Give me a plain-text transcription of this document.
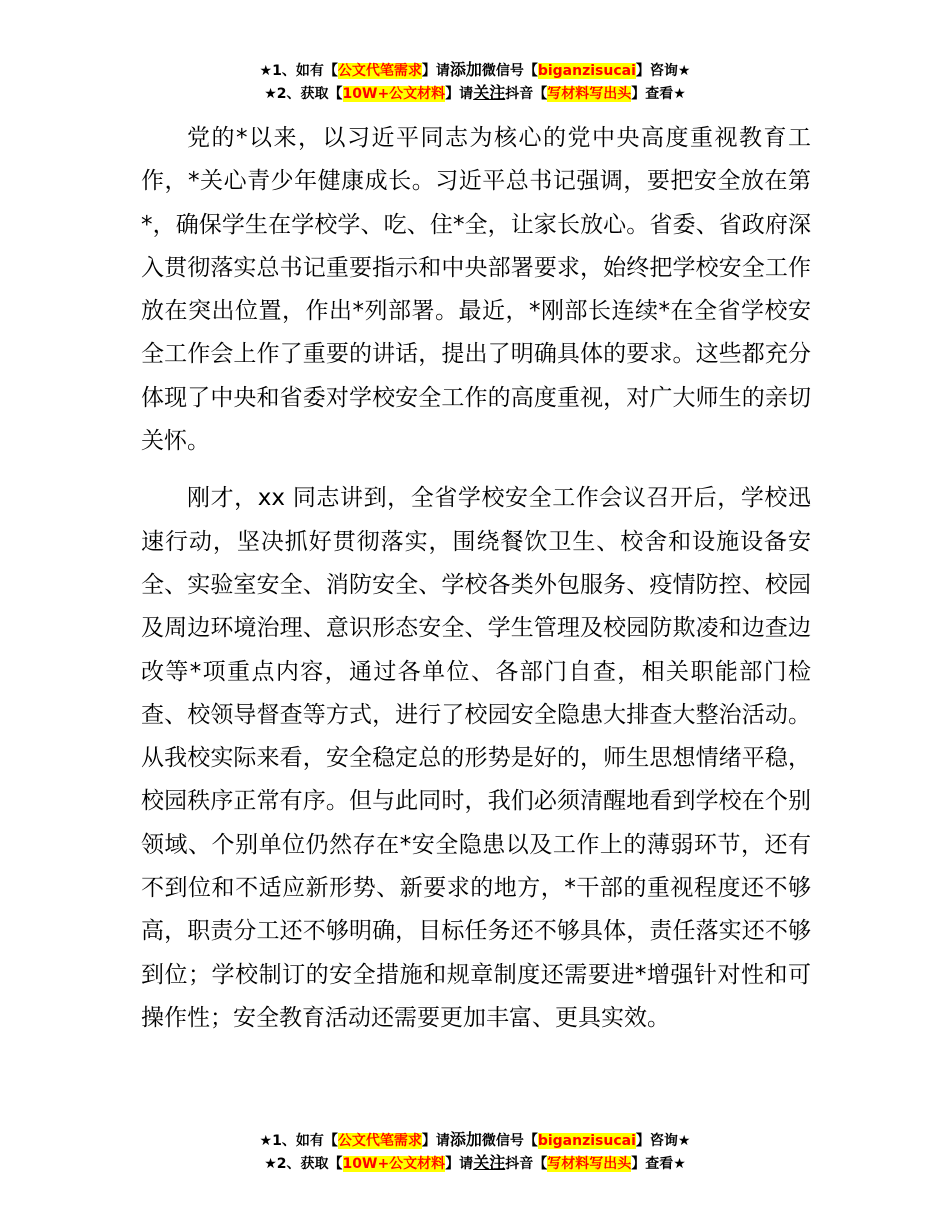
★1、如有【公文代笔需求】请添加微信号【biganzisucai】咨询★
★2、获取【10W+公文材料】请关注抖音【写材料写出头】查看★

党的*以来，以习近平同志为核心的党中央高度重视教育工作，*关心青少年健康成长。习近平总书记强调，要把安全放在第*，确保学生在学校学、吃、住*全，让家长放心。省委、省政府深入贯彻落实总书记重要指示和中央部署要求，始终把学校安全工作放在突出位置，作出*列部署。最近，*刚部长连续*在全省学校安全工作会上作了重要的讲话，提出了明确具体的要求。这些都充分体现了中央和省委对学校安全工作的高度重视，对广大师生的亲切关怀。

刚才，xx 同志讲到，全省学校安全工作会议召开后，学校迅速行动，坚决抓好贯彻落实，围绕餐饮卫生、校舍和设施设备安全、实验室安全、消防安全、学校各类外包服务、疫情防控、校园及周边环境治理、意识形态安全、学生管理及校园防欺凌和边查边改等*项重点内容，通过各单位、各部门自查，相关职能部门检查、校领导督查等方式，进行了校园安全隐患大排查大整治活动。从我校实际来看，安全稳定总的形势是好的，师生思想情绪平稳，校园秩序正常有序。但与此同时，我们必须清醒地看到学校在个别领域、个别单位仍然存在*安全隐患以及工作上的薄弱环节，还有不到位和不适应新形势、新要求的地方，*干部的重视程度还不够高，职责分工还不够明确，目标任务还不够具体，责任落实还不够到位；学校制订的安全措施和规章制度还需要进*增强针对性和可操作性；安全教育活动还需要更加丰富、更具实效。

★1、如有【公文代笔需求】请添加微信号【biganzisucai】咨询★
★2、获取【10W+公文材料】请关注抖音【写材料写出头】查看★
